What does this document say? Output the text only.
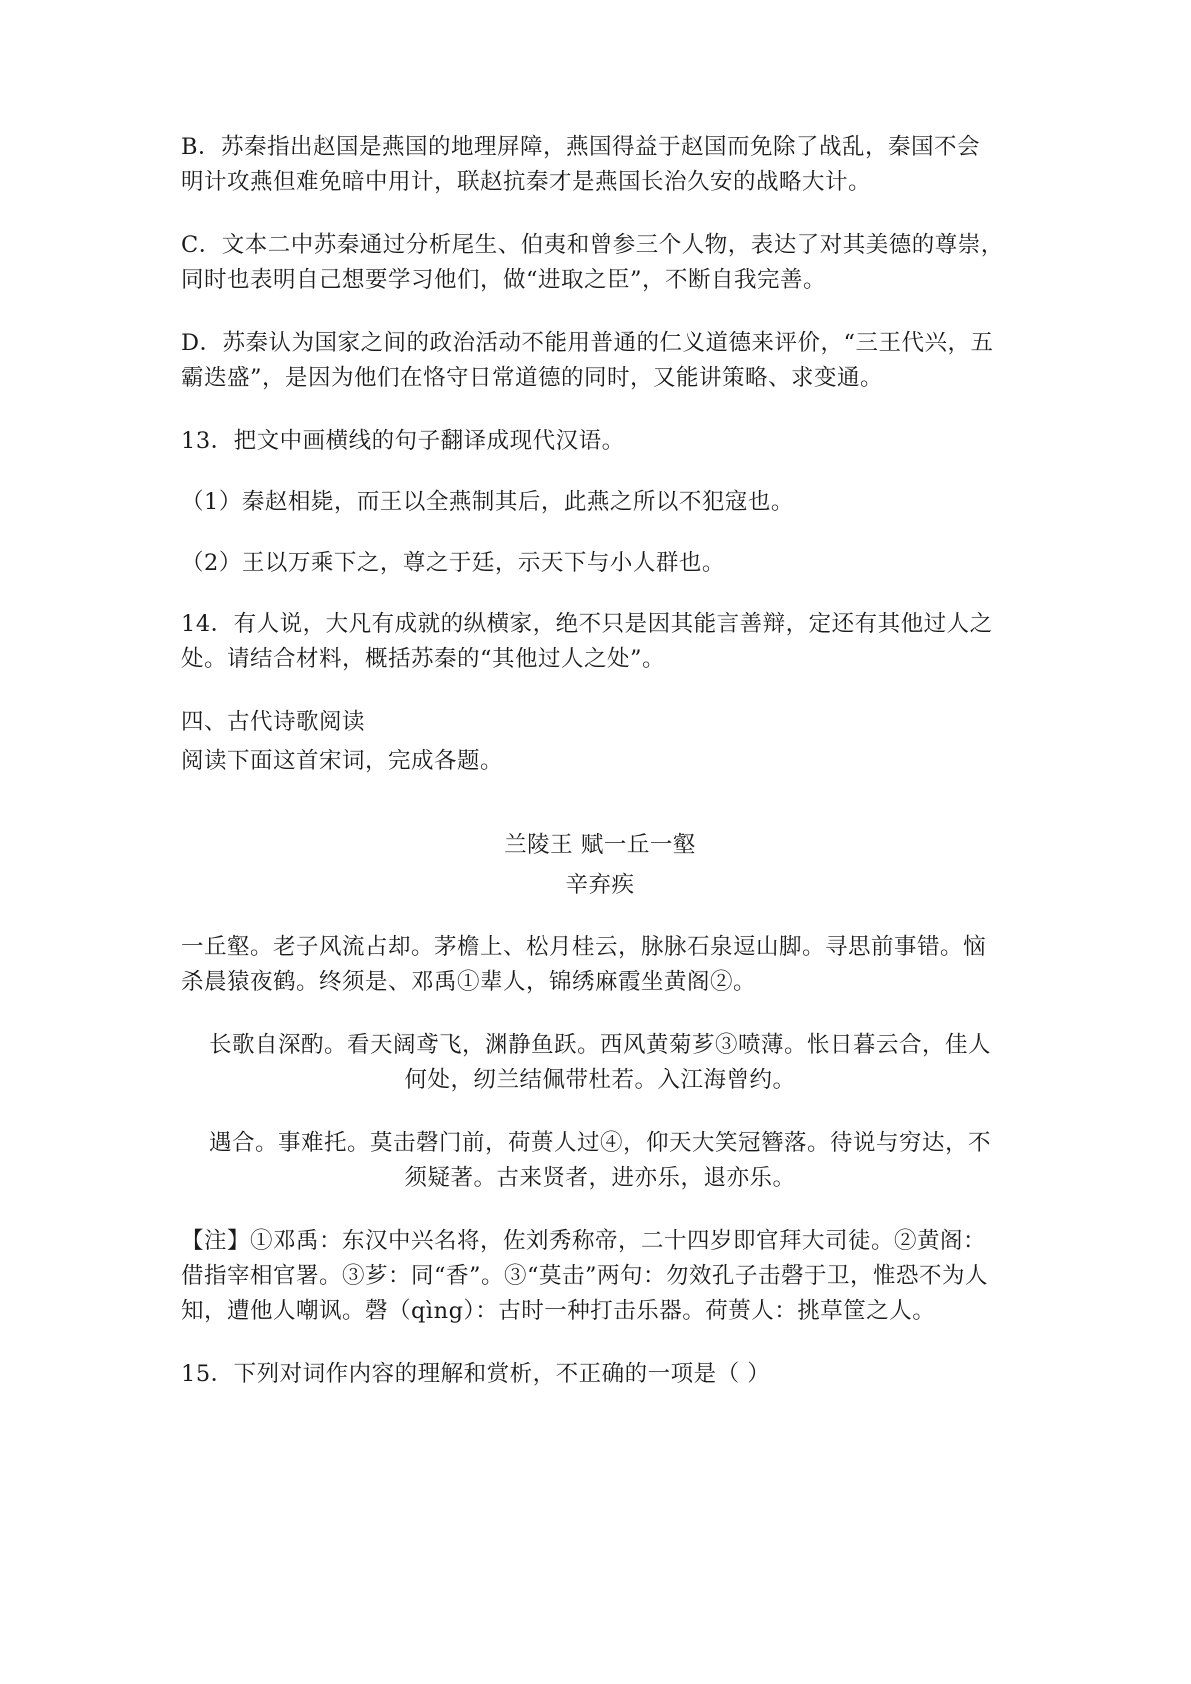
B．苏秦指出赵国是燕国的地理屏障，燕国得益于赵国而免除了战乱，秦国不会
明计攻燕但难免暗中用计，联赵抗秦才是燕国长治久安的战略大计。

C．文本二中苏秦通过分析尾生、伯夷和曾参三个人物，表达了对其美德的尊崇，
同时也表明自己想要学习他们，做“进取之臣”，不断自我完善。

D．苏秦认为国家之间的政治活动不能用普通的仁义道德来评价，“三王代兴，五
霸迭盛”，是因为他们在恪守日常道德的同时，又能讲策略、求变通。

13．把文中画横线的句子翻译成现代汉语。

（1）秦赵相毙，而王以全燕制其后，此燕之所以不犯寇也。

（2）王以万乘下之，尊之于廷，示天下与小人群也。

14．有人说，大凡有成就的纵横家，绝不只是因其能言善辩，定还有其他过人之
处。请结合材料，概括苏秦的“其他过人之处”。

四、古代诗歌阅读

阅读下面这首宋词，完成各题。

兰陵王 赋一丘一壑

辛弃疾

一丘壑。老子风流占却。茅檐上、松月桂云，脉脉石泉逗山脚。寻思前事错。恼
杀晨猿夜鹤。终须是、邓禹①辈人，锦绣麻霞坐黄阁②。

长歌自深酌。看天阔鸢飞，渊静鱼跃。西风黄菊芗③喷薄。怅日暮云合，佳人
何处，纫兰结佩带杜若。入江海曾约。

遇合。事难托。莫击磬门前，荷蒉人过④，仰天大笑冠簪落。待说与穷达，不
须疑著。古来贤者，进亦乐，退亦乐。

【注】①邓禹：东汉中兴名将，佐刘秀称帝，二十四岁即官拜大司徒。②黄阁：
借指宰相官署。③芗：同“香”。③“莫击”两句：勿效孔子击磬于卫，惟恐不为人
知，遭他人嘲讽。磬（qìng）：古时一种打击乐器。荷蒉人：挑草筐之人。

15．下列对词作内容的理解和赏析，不正确的一项是（ ）
